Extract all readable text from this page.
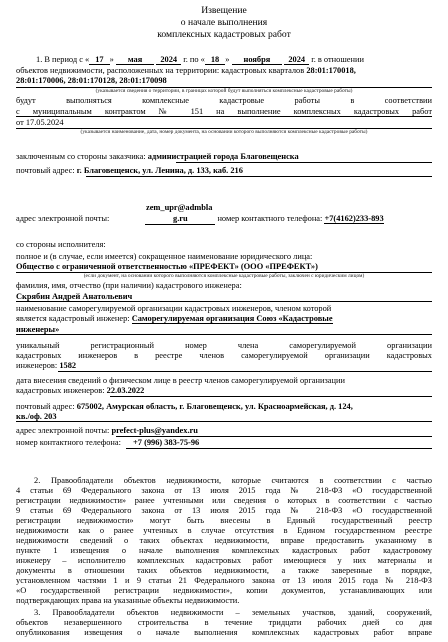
Извещение
о начале выполнения
комплексных кадастровых работ
1. В период с « 17 » мая 2024 г. по « 18 » ноября 2024 г. в отношении
объектов недвижимости, расположенных на территории: кадастровых кварталов 28:01:170018,
28:01:170006, 28:01:170128, 28:01:170098
(указывается сведения о территории, в границах которой будут выполняться комплексные кадастровые работы)
будут выполняться комплексные кадастровые работы в соответствии
с муниципальным контрактом № 151 на выполнение комплексных кадастровых работ
от 17.05.2024
(указывается наименование, дата, номер документа, на основании которого выполняются комплексные кадастровые работы)
заключенным со стороны заказчика: администрацией города Благовещенска
почтовый адрес: г. Благовещенск, ул. Ленина, д. 133, каб. 216
zem_upr@admbla
адрес электронной почты:	g.ru	номер контактного телефона: +7(4162)233-893
со стороны исполнителя:
полное и (в случае, если имеется) сокращенное наименование юридического лица:
Общество с ограниченной ответственностью «ПРЕФЕКТ» (ООО «ПРЕФЕКТ»)
(если документ, на основании которого выполняются комплексные кадастровые работы, заключен с юридическим лицом)
фамилия, имя, отчество (при наличии) кадастрового инженера:
Скрябин Андрей Анатольевич
наименование саморегулируемой организации кадастровых инженеров, членом которой
является кадастровый инженер: Саморегулируемая организация Союз «Кадастровые
инженеры»
уникальный регистрационный номер члена саморегулируемой организации
кадастровых инженеров в реестре членов саморегулируемой организации кадастровых
инженеров: 1582
дата внесения сведений о физическом лице в реестр членов саморегулируемой организации
кадастровых инженеров: 22.03.2022
почтовый адрес: 675002, Амурская область, г. Благовещенск, ул. Красноармейская, д. 124,
кв./оф. 203
адрес электронной почты: prefect-plus@yandex.ru
номер контактного телефона: +7 (996) 383-75-96
2. Правообладатели объектов недвижимости, которые считаются в соответствии с частью
4 статьи 69 Федерального закона от 13 июля 2015 года № 218-ФЗ «О государственной
регистрации недвижимости» ранее учтенными или сведения о которых в соответствии с частью
9 статьи 69 Федерального закона от 13 июля 2015 года № 218-ФЗ «О государственной
регистрации недвижимости» могут быть внесены в Единый государственный реестр
недвижимости как о ранее учтенных в случае отсутствия в Едином государственном реестре
недвижимости сведений о таких объектах недвижимости, вправе предоставить указанному в
пункте 1 извещения о начале выполнения комплексных кадастровых работ кадастровому
инженеру – исполнителю комплексных кадастровых работ имеющиеся у них материалы и
документы в отношении таких объектов недвижимости, а также заверенные в порядке,
установленном частями 1 и 9 статьи 21 Федерального закона от 13 июля 2015 года № 218-ФЗ
«О государственной регистрации недвижимости», копии документов, устанавливающих или
подтверждающих права на указанные объекты недвижимости.
3. Правообладатели объектов недвижимости – земельных участков, зданий, сооружений,
объектов незавершенного строительства в течение тридцати рабочих дней со дня
опубликования извещения о начале выполнения комплексных кадастровых работ вправе
